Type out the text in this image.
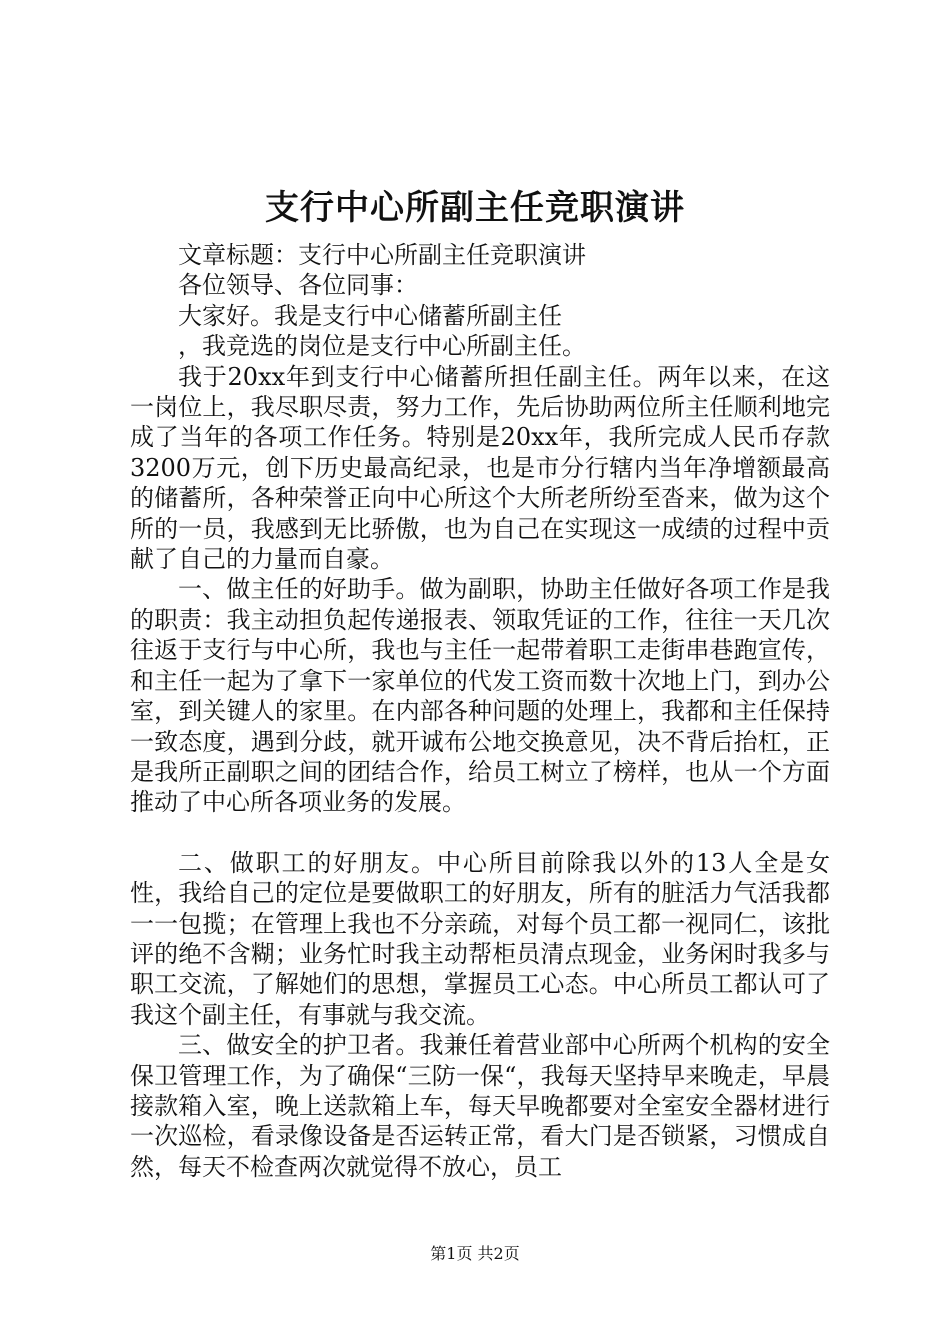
支行中心所副主任竞职演讲

文章标题：支行中心所副主任竞职演讲

各位领导、各位同事：

大家好。我是支行中心储蓄所副主任

，我竞选的岗位是支行中心所副主任。

我于20xx年到支行中心储蓄所担任副主任。两年以来，在这一岗位上，我尽职尽责，努力工作，先后协助两位所主任顺利地完成了当年的各项工作任务。特别是20xx年，我所完成人民币存款3200万元，创下历史最高纪录，也是市分行辖内当年净增额最高的储蓄所，各种荣誉正向中心所这个大所老所纷至沓来，做为这个所的一员，我感到无比骄傲，也为自己在实现这一成绩的过程中贡献了自己的力量而自豪。

一、做主任的好助手。做为副职，协助主任做好各项工作是我的职责：我主动担负起传递报表、领取凭证的工作，往往一天几次往返于支行与中心所，我也与主任一起带着职工走街串巷跑宣传，和主任一起为了拿下一家单位的代发工资而数十次地上门，到办公室，到关键人的家里。在内部各种问题的处理上，我都和主任保持一致态度，遇到分歧，就开诚布公地交换意见，决不背后抬杠，正是我所正副职之间的团结合作，给员工树立了榜样，也从一个方面推动了中心所各项业务的发展。

二、做职工的好朋友。中心所目前除我以外的13人全是女性，我给自己的定位是要做职工的好朋友，所有的脏活力气活我都一一包揽；在管理上我也不分亲疏，对每个员工都一视同仁，该批评的绝不含糊；业务忙时我主动帮柜员清点现金，业务闲时我多与职工交流，了解她们的思想，掌握员工心态。中心所员工都认可了我这个副主任，有事就与我交流。

三、做安全的护卫者。我兼任着营业部中心所两个机构的安全保卫管理工作，为了确保“三防一保“，我每天坚持早来晚走，早晨接款箱入室，晚上送款箱上车，每天早晚都要对全室安全器材进行一次巡检，看录像设备是否运转正常，看大门是否锁紧，习惯成自然，每天不检查两次就觉得不放心，员工

第1页 共2页
